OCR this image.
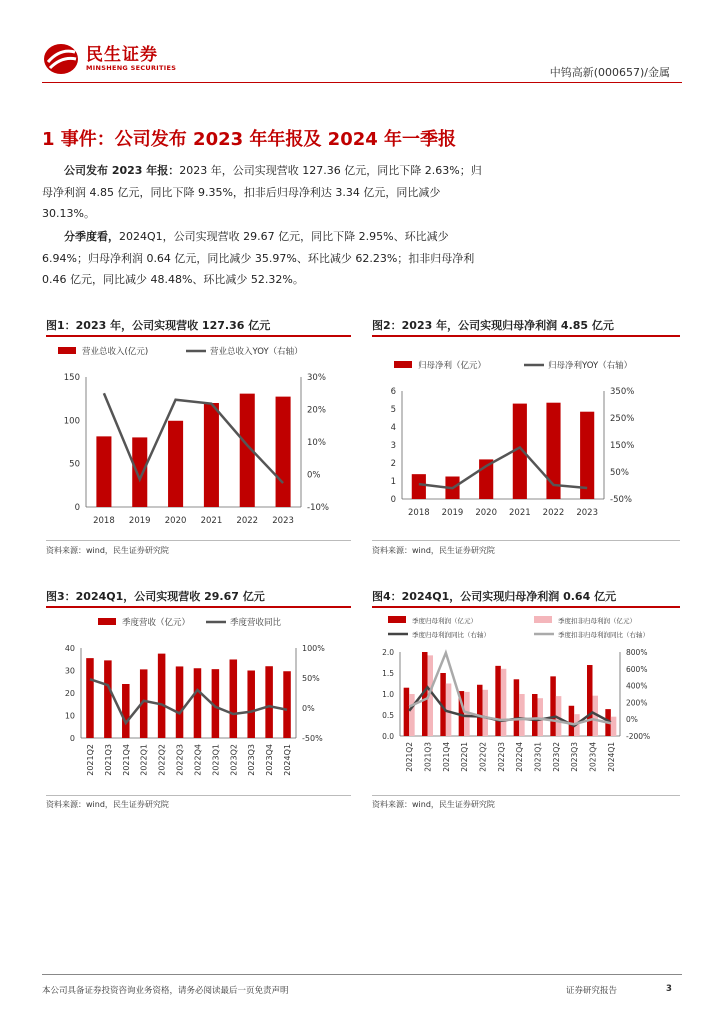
民生证券
MINSHENG SECURITIES	中钨高新(000657)/金属
1 事件：公司发布 2023 年年报及 2024 年一季报
公司发布 2023 年报：2023 年，公司实现营收 127.36 亿元，同比下降 2.63%；归母净利润 4.85 亿元，同比下降 9.35%，扣非后归母净利达 3.34 亿元，同比减少 30.13%。
分季度看，2024Q1，公司实现营收 29.67 亿元，同比下降 2.95%、环比减少 6.94%；归母净利润 0.64 亿元，同比减少 35.97%、环比减少 62.23%；扣非归母净利 0.46 亿元，同比减少 48.48%、环比减少 52.32%。
图1：2023 年，公司实现营收 127.36 亿元
0
50
100
150
-10%
0%
10%
20%
30%
2018 2019 2020 2021 2022 2023
营业总收入(亿元)	营业总收入YOY（右轴）
资料来源：wind，民生证券研究院
图2：2023 年，公司实现归母净利润 4.85 亿元
0
1
2
3
4
5
6
-50%
50%
150%
250%
350%
2018 2019 2020 2021 2022 2023
归母净利（亿元）	归母净利YOY（右轴）
资料来源：wind，民生证券研究院
图3：2024Q1，公司实现营收 29.67 亿元
0
10
20
30
40
-50%
0%
50%
100%
2021Q2 2021Q3 2021Q4 2022Q1 2022Q2 2022Q3 2022Q4 2023Q1 2023Q2 2023Q3 2023Q4 2024Q1
季度营收（亿元）	季度营收同比
资料来源：wind，民生证券研究院
图4：2024Q1，公司实现归母净利润 0.64 亿元
0.0
0.5
1.0
1.5
2.0
-200%
0%
200%
400%
600%
800%
2021Q2 2021Q3 2021Q4 2022Q1 2022Q2 2022Q3 2022Q4 2023Q1 2023Q2 2023Q3 2023Q4 2024Q1
季度归母利润（亿元）	季度扣非归母利润（亿元）
季度归母利润同比（右轴）	季度扣非归母利润同比（右轴）
资料来源：wind，民生证券研究院
本公司具备证券投资咨询业务资格，请务必阅读最后一页免责声明	证券研究报告	3
